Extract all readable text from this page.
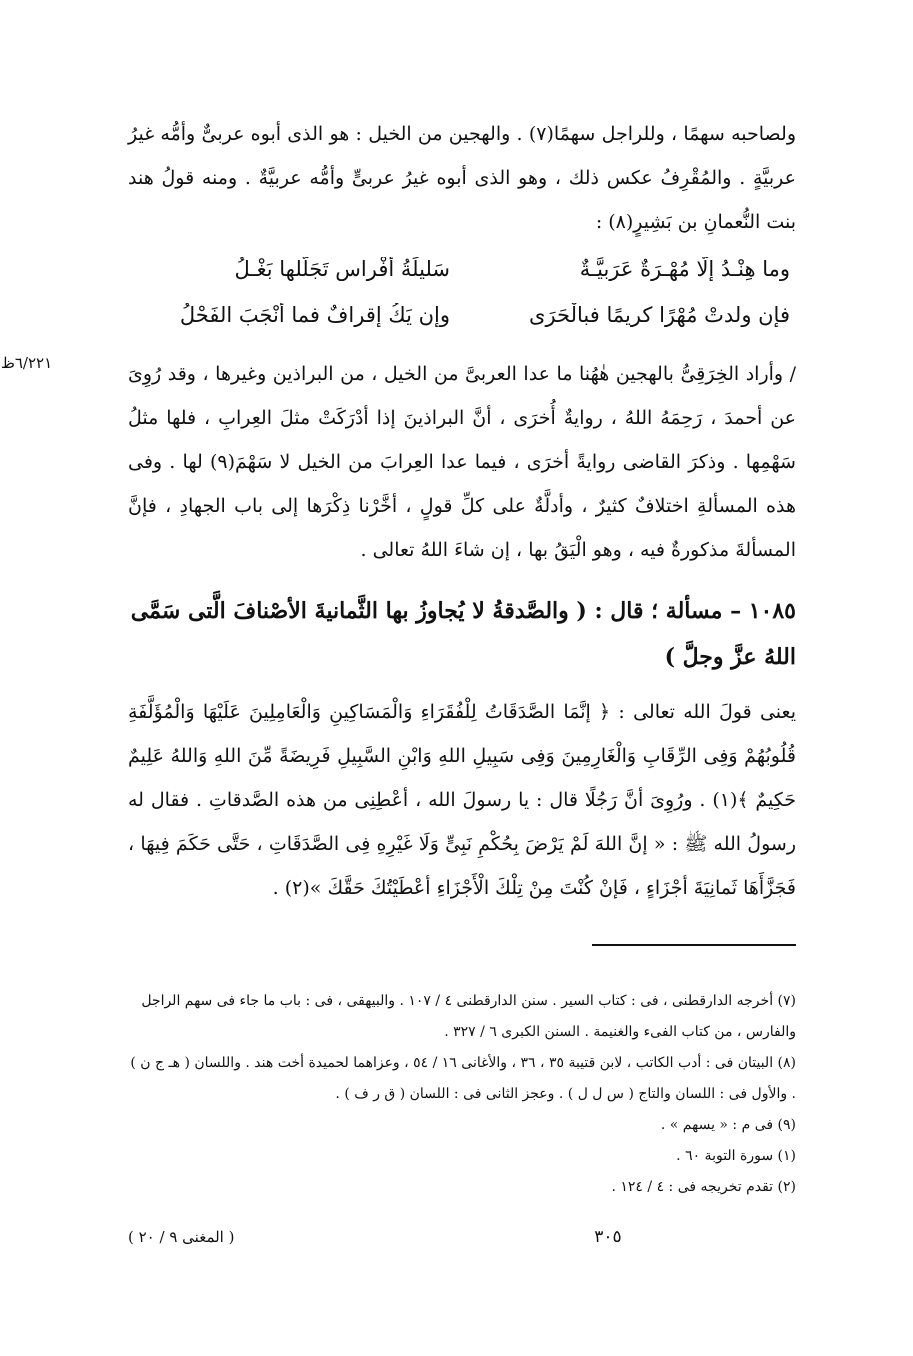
ولصاحبه سهمًا ، وللراجل سهمًا(٧) . والهجين من الخيل : هو الذى أبوه عربىٌّ وأمُّه غيرُ عربيَّةٍ . والمُقْرِفُ عكس ذلك ، وهو الذى أبوه غيرُ عربىٍّ وأمُّه عربيَّةٌ . ومنه قولُ هند بنت النُّعمانِ بن بَشِيرٍ(٨) :

وما هِنْـدُ إلَّا مُهْـرَةٌ عَرَبيَّـةٌ
سَليلَةُ أفْراسٍ تَجَلَّلها بَغْـلُ
فإن ولدتْ مُهْرًا كريمًا فبالْحَرَى
وإن يَكُ إقرافٌ فما أنْجَبَ الفَحْلُ
٦/٢٢١ظ	/ وأراد الخِرَقِىُّ بالهجين هٰهُنا ما عدا العربىَّ من الخيل ، من البراذين وغيرها ، وقد رُوِىَ عن أحمدَ ، رَحِمَهُ اللهُ ، روايةٌ أُخرَى ، أنَّ البراذينَ إذا أدْرَكَتْ مثلَ العِرابِ ، فلها مثلُ سَهْمِها . وذكرَ القاضى روايةً أخرَى ، فيما عدا العِرابَ من الخيل لا سَهْمَ(٩) لها . وفى هذه المسألةِ اختلافٌ كثيرٌ ، وأدلَّةٌ على كلِّ قولٍ ، أخَّرْنا ذِكْرَها إلى باب الجهادِ ، فإنَّ المسألةَ مذكورةٌ فيه ، وهو الْيَقُ بها ، إن شاءَ اللهُ تعالى .

١٠٨٥ – مسألة ؛ قال : ( والصَّدقةُ لا يُجاوزُ بها الثَّمانيةَ الأصْنافَ الَّتى سَمَّى اللهُ عزَّ وجلَّ )

يعنى قولَ الله تعالى : ﴿ إنَّمَا الصَّدَقَاتُ لِلْفُقَرَاءِ وَالْمَسَاكِينِ وَالْعَامِلِينَ عَلَيْهَا وَالْمُؤَلَّفَةِ قُلُوبُهُمْ وَفِى الرِّقَابِ وَالْغَارِمِينَ وَفِى سَبِيلِ اللهِ وَابْنِ السَّبِيلِ فَرِيضَةً مِّنَ اللهِ وَاللهُ عَلِيمٌ حَكِيمٌ ﴾(١) . ورُوِىَ أنَّ رَجُلًا قال : يا رسولَ الله ، أعْطِنِى من هذه الصَّدقاتِ . فقال له رسولُ الله ﷺ : « إنَّ اللهَ لَمْ يَرْضَ بِحُكْمِ نَبِىٍّ وَلَا غَيْرِهِ فِى الصَّدَقَاتِ ، حَتَّى حَكَمَ فِيهَا ، فَجَزَّأَهَا ثَمانِيَةَ أجْزَاءٍ ، فَإنْ كُنْتَ مِنْ تِلْكَ الْأَجْزَاءِ أعْطَيْتُكَ حَقَّكَ »(٢) .

(٧) أخرجه الدارقطنى ، فى : كتاب السير . سنن الدارقطنى ٤ / ١٠٧ . والبيهقى ، فى : باب ما جاء فى سهم الراجل والفارس ، من كتاب الفىء والغنيمة . السنن الكبرى ٦ / ٣٢٧ .

(٨) البيتان فى : أدب الكاتب ، لابن قتيبة ٣٥ ، ٣٦ ، والأغانى ١٦ / ٥٤ ، وعزاهما لحميدة أخت هند . واللسان ( هـ ج ن ) . والأول فى : اللسان والتاج ( س ل ل ) . وعجز الثانى فى : اللسان ( ق ر ف ) .

(٩) فى م : « يسهم » .

(١) سورة التوبة ٦٠ .

(٢) تقدم تخريجه فى : ٤ / ١٢٤ .

( المغنى ٩ / ٢٠ )	٣٠٥
